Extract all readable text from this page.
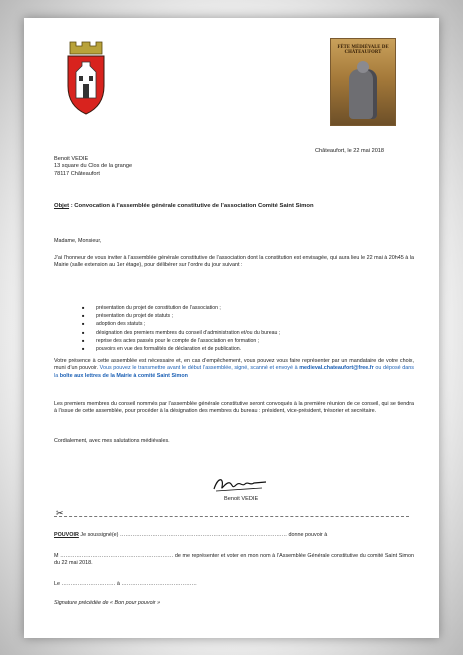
FÊTE MÉDIÉVALE DE CHÂTEAUFORT
Châteaufort, le 22 mai 2018
Benoit VEDIE
13 square du Clos de la grange
78117 Châteaufort
Objet : Convocation à l’assemblée générale constitutive de l’association Comité Saint Simon
Madame, Monsieur,
J’ai l’honneur de vous inviter à l’assemblée générale constitutive de l’association dont la constitution est envisagée, qui aura lieu le 22 mai à 20h45 à la Mairie (salle extension au 1er étage), pour délibérer sur l’ordre du jour suivant :
■ présentation du projet de constitution de l’association ;
■ présentation du projet de statuts ;
■ adoption des statuts ;
■ désignation des premiers membres du conseil d’administration et/ou du bureau ;
■ reprise des actes passés pour le compte de l’association en formation ;
■ pouvoirs en vue des formalités de déclaration et de publication.
Votre présence à cette assemblée est nécessaire et, en cas d’empêchement, vous pouvez vous faire représenter par un mandataire de votre choix, muni d’un pouvoir. Vous pouvez le transmettre avant le début l’assemblée, signé, scanné et envoyé à medieval.chateaufort@free.fr ou déposé dans la boîte aux lettres de la Mairie à comité Saint Simon
Les premiers membres du conseil nommés par l’assemblée générale constitutive seront convoqués à la première réunion de ce conseil, qui se tiendra à l’issue de cette assemblée, pour procéder à la désignation des membres du bureau : président, vice-président, trésorier et secrétaire.
Cordialement, avec mes salutations médiévales.
Benoit VEDIE
✂
POUVOIR Je soussigné(e) ………………………………………………………………………………… donne pouvoir à
M ……………………………………………………… de me représenter et voter en mon nom à l’Assemblée Générale constitutive du comité Saint Simon du 22 mai 2018.
Le ………………………… à ……………………………………
Signature précédée de « Bon pour pouvoir »
